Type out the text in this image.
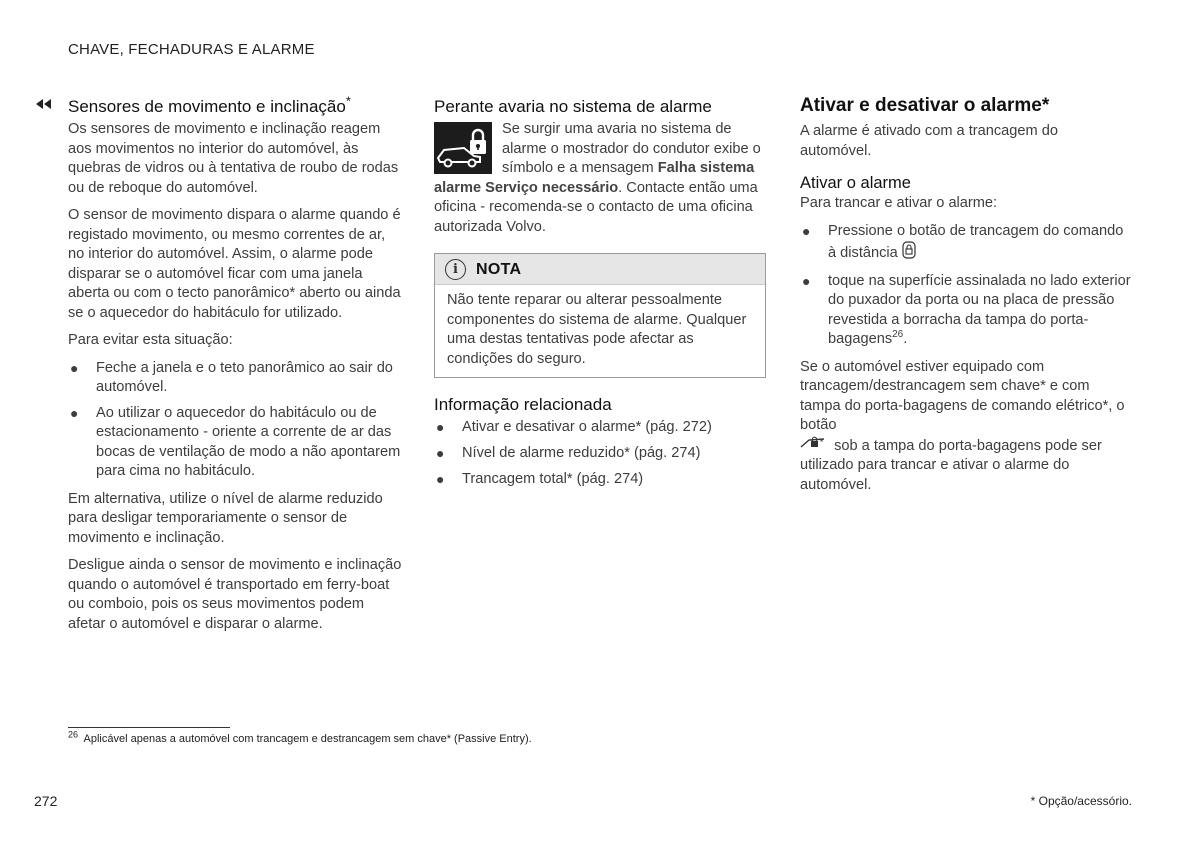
CHAVE, FECHADURAS E ALARME
Sensores de movimento e inclinação*

Os sensores de movimento e inclinação reagem aos movimentos no interior do automóvel, às quebras de vidros ou à tentativa de roubo de rodas ou de reboque do automóvel.

O sensor de movimento dispara o alarme quando é registado movimento, ou mesmo correntes de ar, no interior do automóvel. Assim, o alarme pode disparar se o automóvel ficar com uma janela aberta ou com o tecto panorâmico* aberto ou ainda se o aquecedor do habitáculo for utilizado.

Para evitar esta situação:

● Feche a janela e o teto panorâmico ao sair do automóvel.
● Ao utilizar o aquecedor do habitáculo ou de estacionamento - oriente a corrente de ar das bocas de ventilação de modo a não apontarem para cima no habitáculo.

Em alternativa, utilize o nível de alarme reduzido para desligar temporariamente o sensor de movimento e inclinação.

Desligue ainda o sensor de movimento e inclinação quando o automóvel é transportado em ferry-boat ou comboio, pois os seus movimentos podem afetar o automóvel e disparar o alarme.

Perante avaria no sistema de alarme
Se surgir uma avaria no sistema de alarme o mostrador do condutor exibe o símbolo e a mensagem Falha sistema alarme Serviço necessário. Contacte então uma oficina - recomenda-se o contacto de uma oficina autorizada Volvo.
i	NOTA
Não tente reparar ou alterar pessoalmente componentes do sistema de alarme. Qualquer uma destas tentativas pode afectar as condições do seguro.
Informação relacionada
● Ativar e desativar o alarme* (pág. 272)
● Nível de alarme reduzido* (pág. 274)
● Trancagem total* (pág. 274)
Ativar e desativar o alarme*

A alarme é ativado com a trancagem do automóvel.

Ativar o alarme

Para trancar e ativar o alarme:

● Pressione o botão de trancagem do comando à distância
● toque na superfície assinalada no lado exterior do puxador da porta ou na placa de pressão revestida a borracha da tampa do porta-bagagens$^{26}$.

Se o automóvel estiver equipado com trancagem/destrancagem sem chave* e com tampa do porta-bagagens de comando elétrico*, o botão

* sob a tampa do porta-bagagens pode ser utilizado para trancar e ativar o alarme do automóvel.

$^{26}$ Aplicável apenas a automóvel com trancagem e destrancagem sem chave* (Passive Entry).
272	* Opção/acessório.
